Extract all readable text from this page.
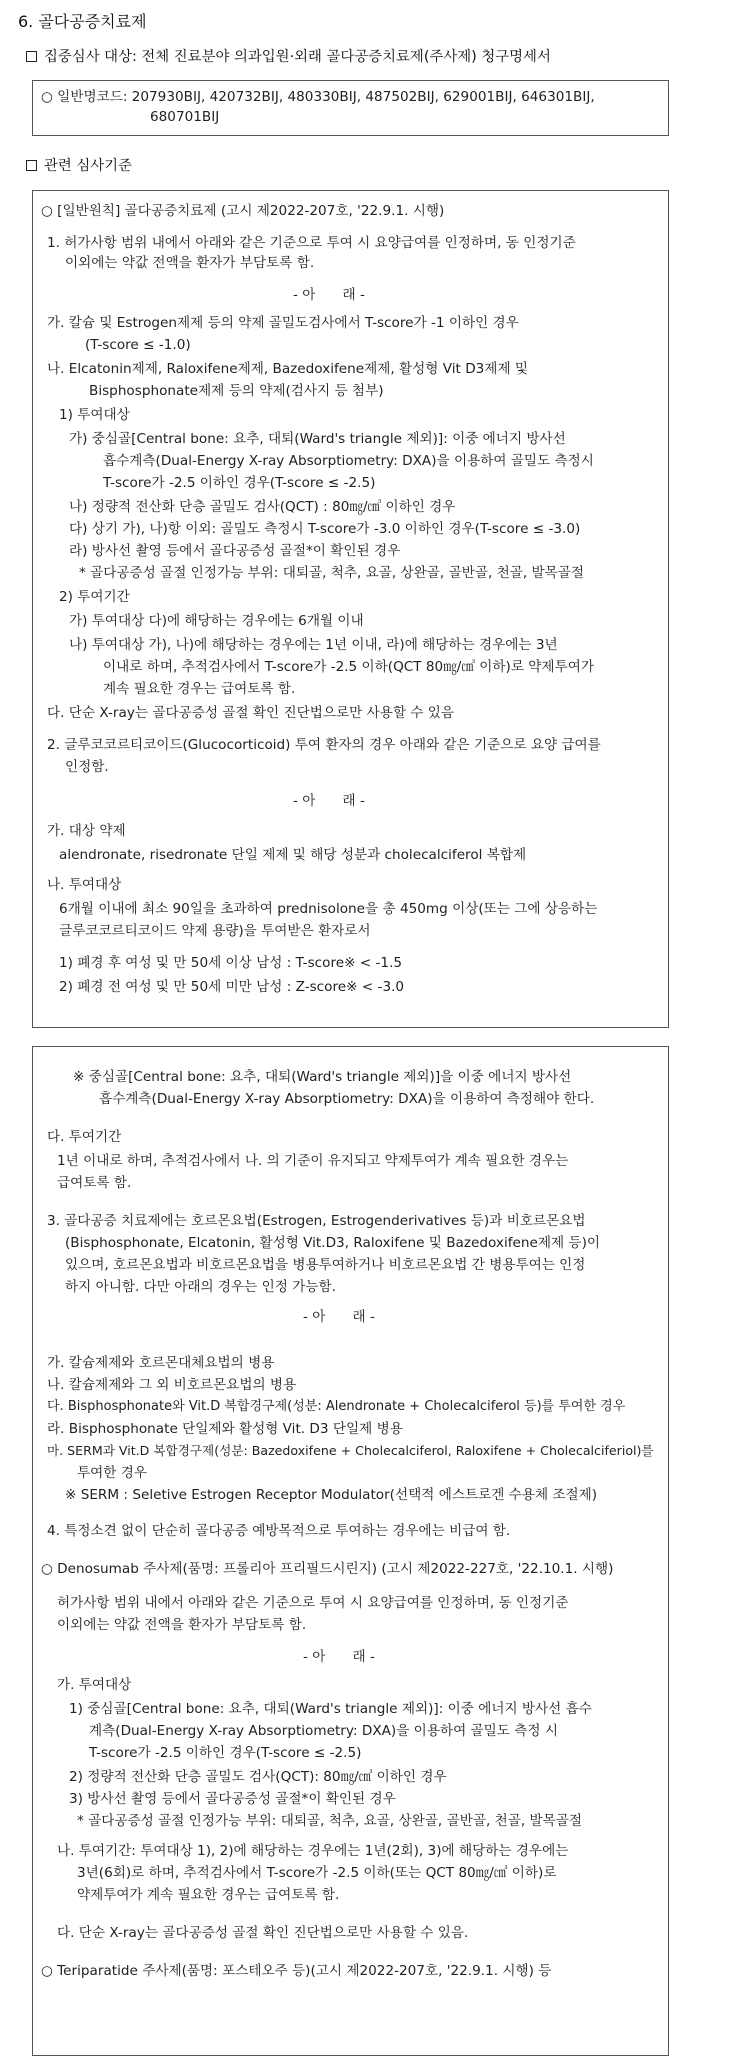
6. 골다공증치료제
집중심사 대상: 전체 진료분야 의과입원·외래 골다공증치료제(주사제) 청구명세서
○ 일반명코드: 207930BIJ, 420732BIJ, 480330BIJ, 487502BIJ, 629001BIJ, 646301BIJ,
680701BIJ
관련 심사기준
○ [일반원칙] 골다공증치료제 (고시 제2022-207호, '22.9.1. 시행)
1. 허가사항 범위 내에서 아래와 같은 기준으로 투여 시 요양급여를 인정하며, 동 인정기준
이외에는 약값 전액을 환자가 부담토록 함.
- 아　　래 -
가. 칼슘 및 Estrogen제제 등의 약제 골밀도검사에서 T-score가 -1 이하인 경우
(T-score ≤ -1.0)
나. Elcatonin제제, Raloxifene제제, Bazedoxifene제제, 활성형 Vit D3제제 및
Bisphosphonate제제 등의 약제(검사지 등 첨부)
1) 투여대상
가) 중심골[Central bone: 요추, 대퇴(Ward's triangle 제외)]: 이중 에너지 방사선
흡수계측(Dual-Energy X-ray Absorptiometry: DXA)을 이용하여 골밀도 측정시
T-score가 -2.5 이하인 경우(T-score ≤ -2.5)
나) 정량적 전산화 단층 골밀도 검사(QCT) : 80㎎/㎤ 이하인 경우
다) 상기 가), 나)항 이외: 골밀도 측정시 T-score가 -3.0 이하인 경우(T-score ≤ -3.0)
라) 방사선 촬영 등에서 골다공증성 골절*이 확인된 경우
* 골다공증성 골절 인정가능 부위: 대퇴골, 척추, 요골, 상완골, 골반골, 천골, 발목골절
2) 투여기간
가) 투여대상 다)에 해당하는 경우에는 6개월 이내
나) 투여대상 가), 나)에 해당하는 경우에는 1년 이내, 라)에 해당하는 경우에는 3년
이내로 하며, 추적검사에서 T-score가 -2.5 이하(QCT 80㎎/㎤ 이하)로 약제투여가
계속 필요한 경우는 급여토록 함.
다. 단순 X-ray는 골다공증성 골절 확인 진단법으로만 사용할 수 있음
2. 글루코코르티코이드(Glucocorticoid) 투여 환자의 경우 아래와 같은 기준으로 요양 급여를
인정함.
- 아　　래 -
가. 대상 약제
alendronate, risedronate 단일 제제 및 해당 성분과 cholecalciferol 복합제
나. 투여대상
6개월 이내에 최소 90일을 초과하여 prednisolone을 총 450mg 이상(또는 그에 상응하는
글루코코르티코이드 약제 용량)을 투여받은 환자로서
1) 폐경 후 여성 및 만 50세 이상 남성 : T-score※ < -1.5
2) 폐경 전 여성 및 만 50세 미만 남성 : Z-score※ < -3.0
※ 중심골[Central bone: 요추, 대퇴(Ward's triangle 제외)]을 이중 에너지 방사선
흡수계측(Dual-Energy X-ray Absorptiometry: DXA)을 이용하여 측정해야 한다.
다. 투여기간
1년 이내로 하며, 추적검사에서 나. 의 기준이 유지되고 약제투여가 계속 필요한 경우는
급여토록 함.
3. 골다공증 치료제에는 호르몬요법(Estrogen, Estrogenderivatives 등)과 비호르몬요법
(Bisphosphonate, Elcatonin, 활성형 Vit.D3, Raloxifene 및 Bazedoxifene제제 등)이
있으며, 호르몬요법과 비호르몬요법을 병용투여하거나 비호르몬요법 간 병용투여는 인정
하지 아니함. 다만 아래의 경우는 인정 가능함.
- 아　　래 -
가. 칼슘제제와 호르몬대체요법의 병용
나. 칼슘제제와 그 외 비호르몬요법의 병용
다. Bisphosphonate와 Vit.D 복합경구제(성분: Alendronate + Cholecalciferol 등)를 투여한 경우
라. Bisphosphonate 단일제와 활성형 Vit. D3 단일제 병용
마. SERM과 Vit.D 복합경구제(성분: Bazedoxifene + Cholecalciferol, Raloxifene + Cholecalciferiol)를
투여한 경우
※ SERM : Seletive Estrogen Receptor Modulator(선택적 에스트로겐 수용체 조절제)
4. 특정소견 없이 단순히 골다공증 예방목적으로 투여하는 경우에는 비급여 함.
○ Denosumab 주사제(품명: 프롤리아 프리필드시린지) (고시 제2022-227호, '22.10.1. 시행)
허가사항 범위 내에서 아래와 같은 기준으로 투여 시 요양급여를 인정하며, 동 인정기준
이외에는 약값 전액을 환자가 부담토록 함.
- 아　　래 -
가. 투여대상
1) 중심골[Central bone: 요추, 대퇴(Ward's triangle 제외)]: 이중 에너지 방사선 흡수
계측(Dual-Energy X-ray Absorptiometry: DXA)을 이용하여 골밀도 측정 시
T-score가 -2.5 이하인 경우(T-score ≤ -2.5)
2) 정량적 전산화 단층 골밀도 검사(QCT): 80㎎/㎤ 이하인 경우
3) 방사선 촬영 등에서 골다공증성 골절*이 확인된 경우
* 골다공증성 골절 인정가능 부위: 대퇴골, 척추, 요골, 상완골, 골반골, 천골, 발목골절
나. 투여기간: 투여대상 1), 2)에 해당하는 경우에는 1년(2회), 3)에 해당하는 경우에는
3년(6회)로 하며, 추적검사에서 T-score가 -2.5 이하(또는 QCT 80㎎/㎤ 이하)로
약제투여가 계속 필요한 경우는 급여토록 함.
다. 단순 X-ray는 골다공증성 골절 확인 진단법으로만 사용할 수 있음.
○ Teriparatide 주사제(품명: 포스테오주 등)(고시 제2022-207호, '22.9.1. 시행) 등
